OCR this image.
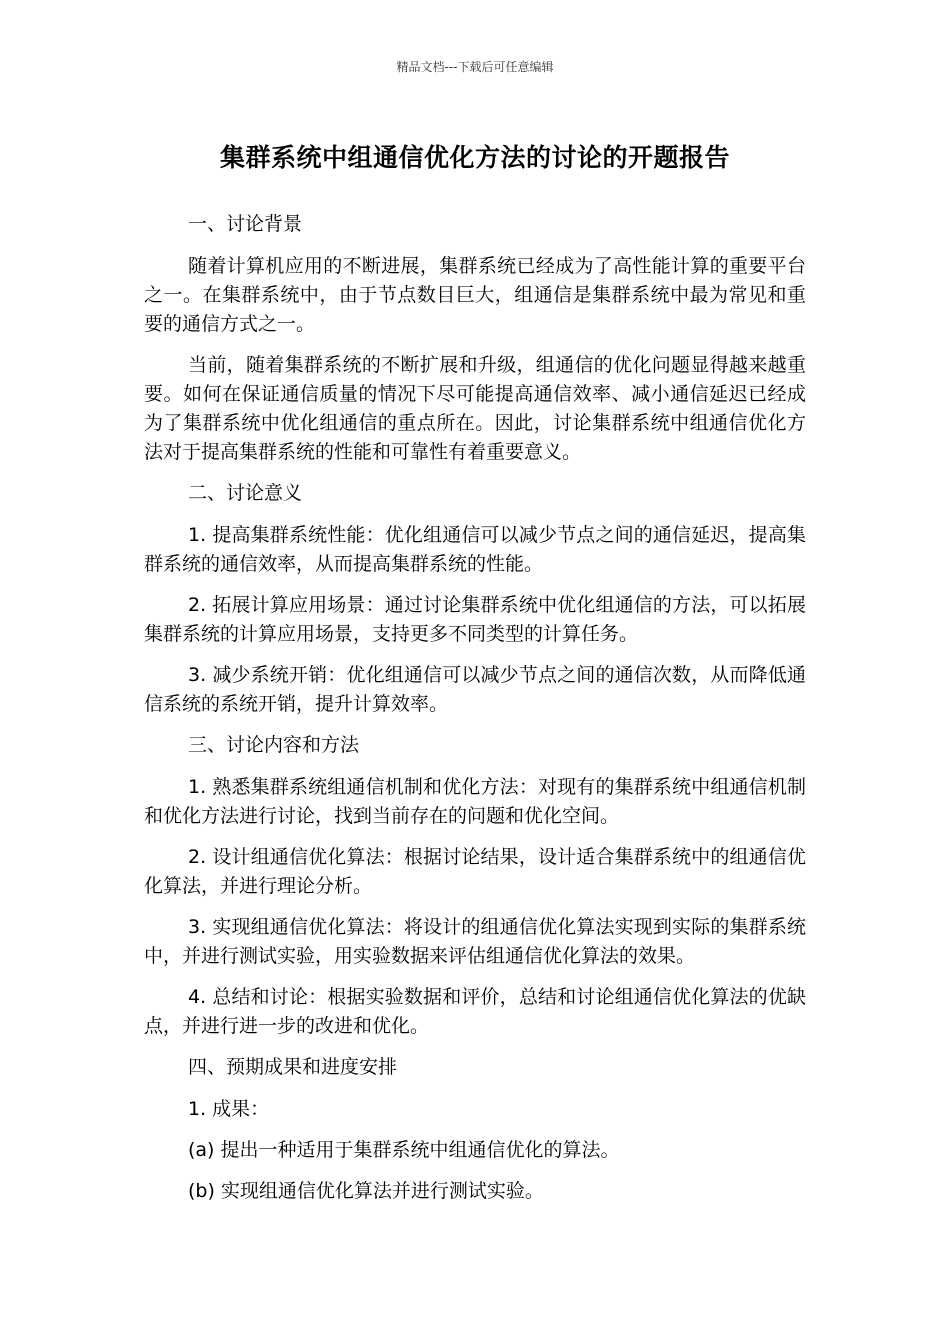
精品文档---下载后可任意编辑
集群系统中组通信优化方法的讨论的开题报告

一、讨论背景

随着计算机应用的不断进展，集群系统已经成为了高性能计算的重要平台之一。在集群系统中，由于节点数目巨大，组通信是集群系统中最为常见和重要的通信方式之一。

当前，随着集群系统的不断扩展和升级，组通信的优化问题显得越来越重要。如何在保证通信质量的情况下尽可能提高通信效率、减小通信延迟已经成为了集群系统中优化组通信的重点所在。因此，讨论集群系统中组通信优化方法对于提高集群系统的性能和可靠性有着重要意义。

二、讨论意义

1. 提高集群系统性能：优化组通信可以减少节点之间的通信延迟，提高集群系统的通信效率，从而提高集群系统的性能。

2. 拓展计算应用场景：通过讨论集群系统中优化组通信的方法，可以拓展集群系统的计算应用场景，支持更多不同类型的计算任务。

3. 减少系统开销：优化组通信可以减少节点之间的通信次数，从而降低通信系统的系统开销，提升计算效率。

三、讨论内容和方法

1. 熟悉集群系统组通信机制和优化方法：对现有的集群系统中组通信机制和优化方法进行讨论，找到当前存在的问题和优化空间。

2. 设计组通信优化算法：根据讨论结果，设计适合集群系统中的组通信优化算法，并进行理论分析。

3. 实现组通信优化算法：将设计的组通信优化算法实现到实际的集群系统中，并进行测试实验，用实验数据来评估组通信优化算法的效果。

4. 总结和讨论：根据实验数据和评价，总结和讨论组通信优化算法的优缺点，并进行进一步的改进和优化。

四、预期成果和进度安排

1. 成果：

(a) 提出一种适用于集群系统中组通信优化的算法。

(b) 实现组通信优化算法并进行测试实验。
